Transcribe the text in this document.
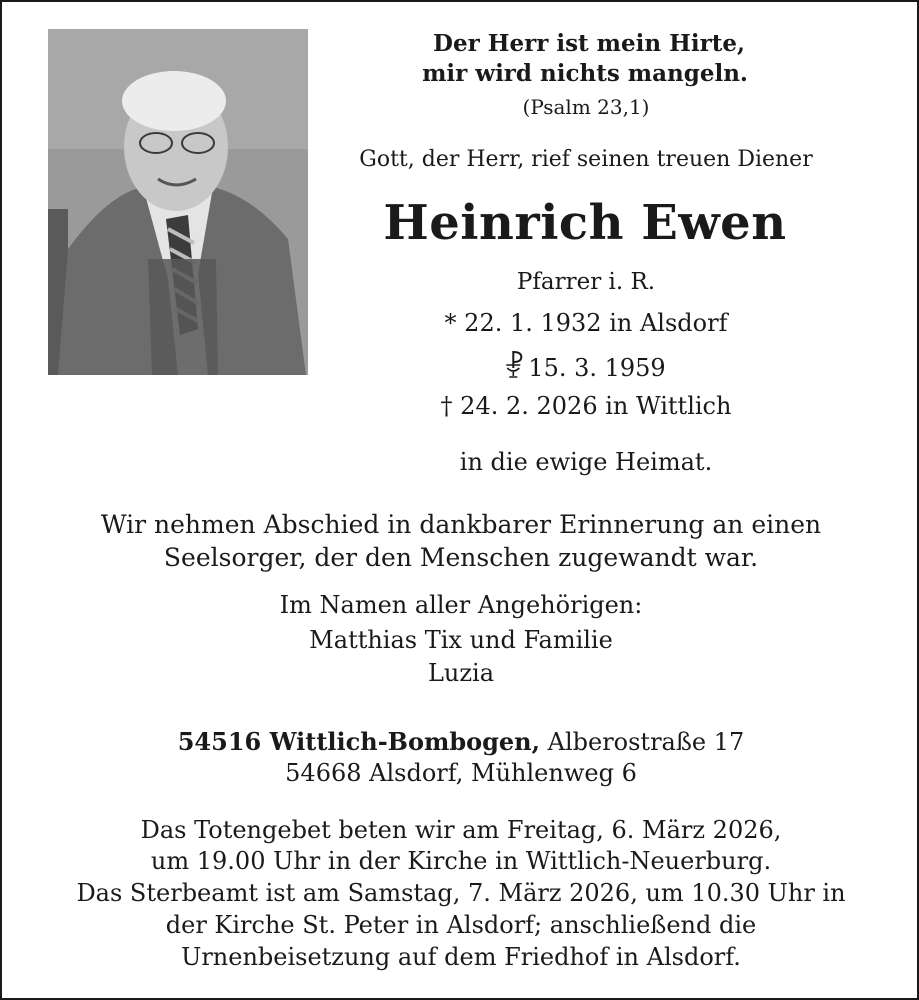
Der Herr ist mein Hirte,

mir wird nichts mangeln.

(Psalm 23,1)

Gott, der Herr, rief seinen treuen Diener

Heinrich Ewen

Pfarrer i. R.

* 22. 1. 1932 in Alsdorf

15. 3. 1959

† 24. 2. 2026 in Wittlich

in die ewige Heimat.

Wir nehmen Abschied in dankbarer Erinnerung an einen

Seelsorger, der den Menschen zugewandt war.

Im Namen aller Angehörigen:

Matthias Tix und Familie

Luzia

54516 Wittlich-Bombogen, Alberostraße 17

54668 Alsdorf, Mühlenweg 6

Das Totengebet beten wir am Freitag, 6. März 2026,

um 19.00 Uhr in der Kirche in Wittlich-Neuerburg.

Das Sterbeamt ist am Samstag, 7. März 2026, um 10.30 Uhr in

der Kirche St. Peter in Alsdorf; anschließend die

Urnenbeisetzung auf dem Friedhof in Alsdorf.
